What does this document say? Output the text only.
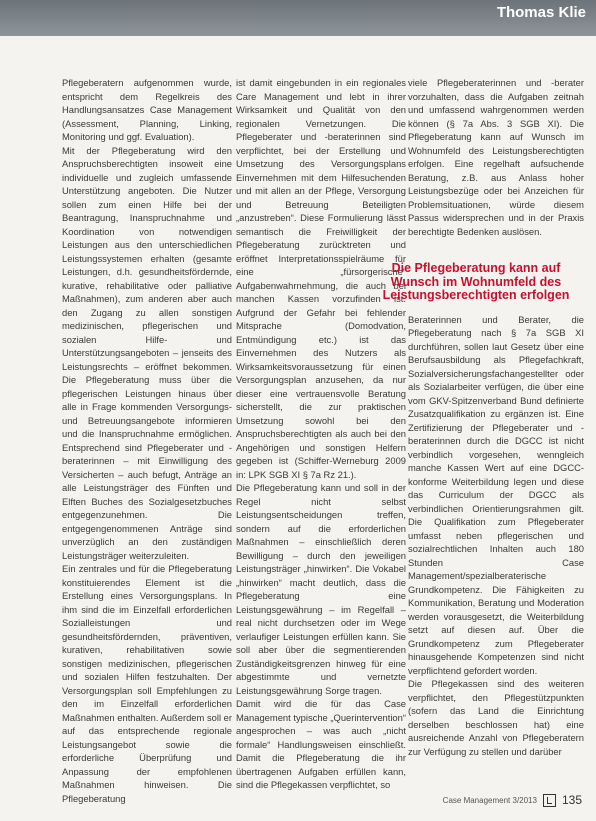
Thomas Klie

Pflegeberatern aufgenommen wurde, entspricht dem Regelkreis des Handlungsansatzes Case Management (Assessment, Planning, Linking, Monitoring und ggf. Evaluation).

Mit der Pflegeberatung wird den Anspruchsberechtigten insoweit eine individuelle und zugleich umfassende Unterstützung angeboten. Die Nutzer sollen zum einen Hilfe bei der Beantragung, Inanspruchnahme und Koordination von notwendigen Leistungen aus den unterschiedlichen Leistungssystemen erhalten (gesamte Leistungen, d.h. gesundheitsfördernde, kurative, rehabilitative oder palliative Maßnahmen), zum anderen aber auch den Zugang zu allen sonstigen medizinischen, pflegerischen und sozialen Hilfe- und Unterstützungsangeboten – jenseits des Leistungsrechts – eröffnet bekommen. Die Pflegeberatung muss über die pflegerischen Leistungen hinaus über alle in Frage kommenden Versorgungs- und Betreuungsangebote informieren und die Inanspruchnahme ermöglichen. Entsprechend sind Pflegeberater und -beraterinnen – mit Einwilligung des Versicherten – auch befugt, Anträge an alle Leistungsträger des Fünften und Elften Buches des Sozialgesetzbuches entgegenzunehmen. Die entgegengenommenen Anträge sind unverzüglich an den zuständigen Leistungsträger weiterzuleiten.

Ein zentrales und für die Pflegeberatung konstituierendes Element ist die Erstellung eines Versorgungsplans. In ihm sind die im Einzelfall erforderlichen Sozialleistungen und gesundheitsfördernden, präventiven, kurativen, rehabilitativen sowie sonstigen medizinischen, pflegerischen und sozialen Hilfen festzuhalten. Der Versorgungsplan soll Empfehlungen zu den im Einzelfall erforderlichen Maßnahmen enthalten. Außerdem soll er auf das entsprechende regionale Leistungsangebot sowie die erforderliche Überprüfung und Anpassung der empfohlenen Maßnahmen hinweisen. Die Pflegeberatung

ist damit eingebunden in ein regionales Care Management und lebt in ihrer Wirksamkeit und Qualität von den regionalen Vernetzungen. Die Pflegeberater und -beraterinnen sind verpflichtet, bei der Erstellung und Umsetzung des Versorgungsplans Einvernehmen mit dem Hilfesuchenden und mit allen an der Pflege, Versorgung und Betreuung Beteiligten „anzustreben“. Diese Formulierung lässt semantisch die Freiwilligkeit der Pflegeberatung zurücktreten und eröffnet Interpretationsspielräume für eine „fürsorgerische“ Aufgabenwahrnehmung, die auch bei manchen Kassen vorzufinden ist. Aufgrund der Gefahr bei fehlender Mitsprache (Domodvation, Entmündigung etc.) ist das Einvernehmen des Nutzers als Wirksamkeitsvoraussetzung für einen Versorgungsplan anzusehen, da nur dieser eine vertrauensvolle Beratung sicherstellt, die zur praktischen Umsetzung sowohl bei den Anspruchsberechtigten als auch bei den Angehörigen und sonstigen Helfern gegeben ist (Schiffer-Werneburg 2009 in: LPK SGB XI § 7a Rz 21.).

Die Pflegeberatung kann und soll in der Regel nicht selbst Leistungsentscheidungen treffen, sondern auf die erforderlichen Maßnahmen – einschließlich deren Bewilligung – durch den jeweiligen Leistungsträger „hinwirken“. Die Vokabel „hinwirken“ macht deutlich, dass die Pflegeberatung eine Leistungsgewährung – im Regelfall – real nicht durchsetzen oder im Wege verlaufiger Leistungen erfüllen kann. Sie soll aber über die segmentierenden Zuständigkeitsgrenzen hinweg für eine abgestimmte und vernetzte Leistungsgewährung Sorge tragen.

Damit wird die für das Case Management typische „Querintervention“ angesprochen – was auch „nicht formale“ Handlungsweisen einschließt. Damit die Pflegeberatung die ihr übertragenen Aufgaben erfüllen kann, sind die Pflegekassen verpflichtet, so

viele Pflegeberaterinnen und -berater vorzuhalten, dass die Aufgaben zeitnah und umfassend wahrgenommen werden können (§ 7a Abs. 3 SGB XI). Die Pflegeberatung kann auf Wunsch im Wohnumfeld des Leistungsberechtigten erfolgen. Eine regelhaft aufsuchende Beratung, z.B. aus Anlass hoher Leistungsbezüge oder bei Anzeichen für Problemsituationen, würde diesem Passus widersprechen und in der Praxis berechtigte Bedenken auslösen.

Die Pflegeberatung kann auf Wunsch im Wohnumfeld des Leistungsberechtigten erfolgen

Beraterinnen und Berater, die Pflegeberatung nach § 7a SGB XI durchführen, sollen laut Gesetz über eine Berufsausbildung als Pflegefachkraft, Sozialversicherungsfachangestellter oder als Sozialarbeiter verfügen, die über eine vom GKV-Spitzenverband Bund definierte Zusatzqualifikation zu ergänzen ist. Eine Zertifizierung der Pflegeberater und -beraterinnen durch die DGCC ist nicht verbindlich vorgesehen, wenngleich manche Kassen Wert auf eine DGCC-konforme Weiterbildung legen und diese das Curriculum der DGCC als verbindlichen Orientierungsrahmen gilt. Die Qualifikation zum Pflegeberater umfasst neben pflegerischen und sozialrechtlichen Inhalten auch 180 Stunden Case Management/spezialberaterische Grundkompetenz. Die Fähigkeiten zu Kommunikation, Beratung und Moderation werden vorausgesetzt, die Weiterbildung setzt auf diesen auf. Über die Grundkompetenz zum Pflegeberater hinausgehende Kompetenzen sind nicht verpflichtend gefordert worden.

Die Pflegekassen sind des weiteren verpflichtet, den Pflegestützpunkten (sofern das Land die Einrichtung derselben beschlossen hat) eine ausreichende Anzahl von Pflegeberatern zur Verfügung zu stellen und darüber

Case Management 3/2013 135
